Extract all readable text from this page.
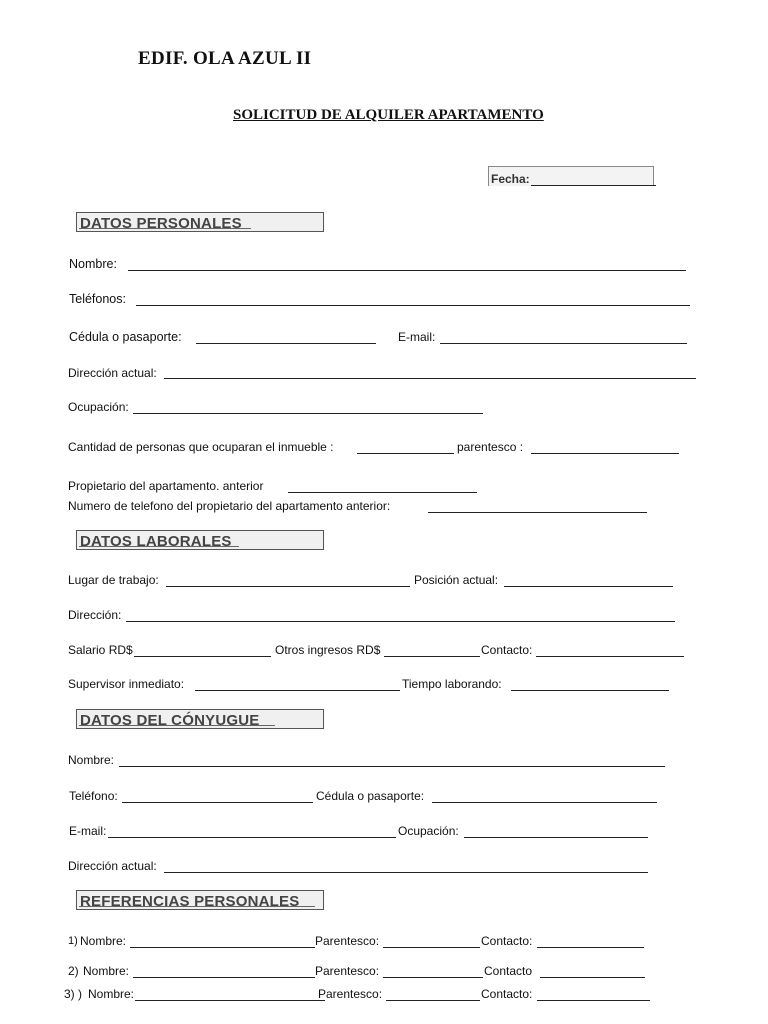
EDIF. OLA AZUL II
SOLICITUD DE ALQUILER APARTAMENTO
Fecha:
DATOS PERSONALES
Nombre:
Teléfonos:
Cédula o pasaporte:	E-mail:
Dirección actual:
Ocupación:
Cantidad de personas que ocuparan el inmueble :	parentesco :
Propietario del apartamento. anterior
Numero de telefono del propietario del apartamento anterior:
DATOS LABORALES
Lugar de trabajo:	Posición actual:
Dirección:
Salario RD$	Otros ingresos RD$	Contacto:
Supervisor inmediato:	Tiempo laborando:
DATOS DEL CÓNYUGUE
Nombre:
Teléfono:	Cédula o pasaporte:
E-mail:	Ocupación:
Dirección actual:
REFERENCIAS PERSONALES
1) Nombre:	Parentesco:	Contacto:
2) Nombre:	Parentesco:	Contacto
3) ) Nombre:	Parentesco:	Contacto:
